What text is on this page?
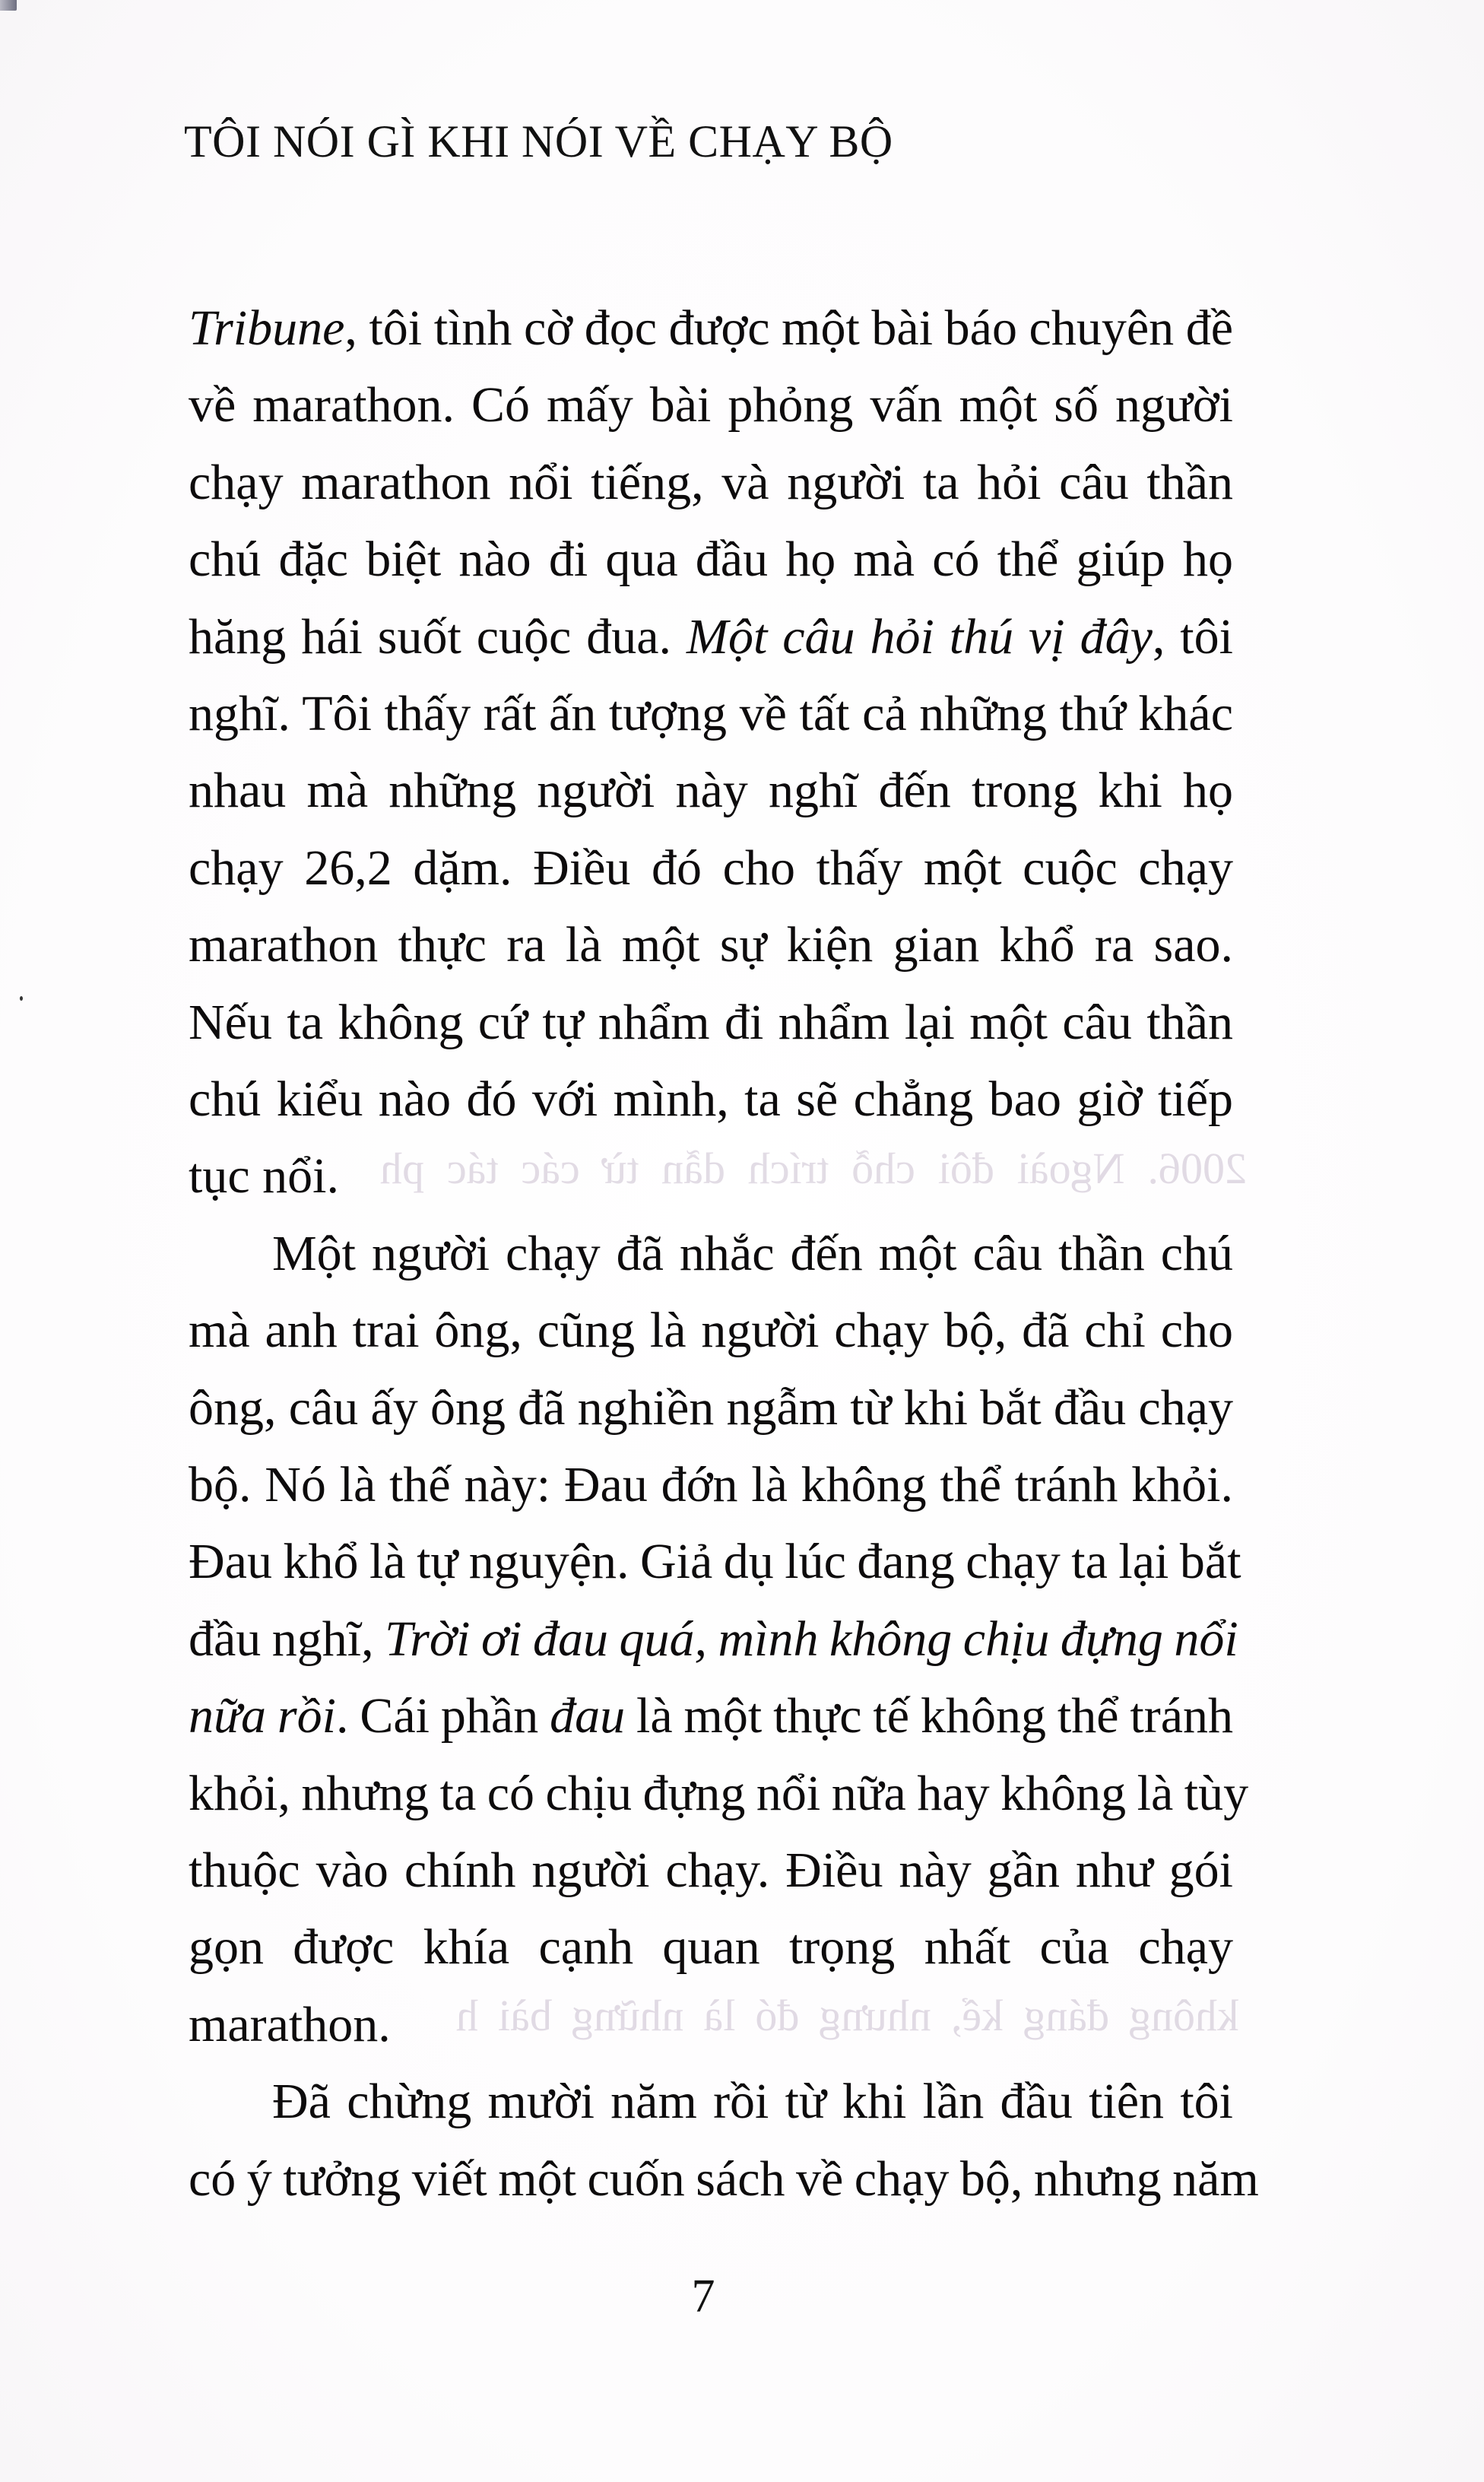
TÔI NÓI GÌ KHI NÓI VỀ CHẠY BỘ
2006. Ngoài đôi chỗ trích dẫn từ các tác ph
không đáng kể, nhưng đó là những bài h
Tribune, tôi tình cờ đọc được một bài báo chuyên đề
về marathon. Có mấy bài phỏng vấn một số người
chạy marathon nổi tiếng, và người ta hỏi câu thần
chú đặc biệt nào đi qua đầu họ mà có thể giúp họ
hăng hái suốt cuộc đua. Một câu hỏi thú vị đây, tôi
nghĩ. Tôi thấy rất ấn tượng về tất cả những thứ khác
nhau mà những người này nghĩ đến trong khi họ
chạy 26,2 dặm. Điều đó cho thấy một cuộc chạy
marathon thực ra là một sự kiện gian khổ ra sao.
Nếu ta không cứ tự nhẩm đi nhẩm lại một câu thần
chú kiểu nào đó với mình, ta sẽ chẳng bao giờ tiếp
tục nổi.
Một người chạy đã nhắc đến một câu thần chú
mà anh trai ông, cũng là người chạy bộ, đã chỉ cho
ông, câu ấy ông đã nghiền ngẫm từ khi bắt đầu chạy
bộ. Nó là thế này: Đau đớn là không thể tránh khỏi.
Đau khổ là tự nguyện. Giả dụ lúc đang chạy ta lại bắt
đầu nghĩ, Trời ơi đau quá, mình không chịu đựng nổi
nữa rồi. Cái phần đau là một thực tế không thể tránh
khỏi, nhưng ta có chịu đựng nổi nữa hay không là tùy
thuộc vào chính người chạy. Điều này gần như gói
gọn được khía cạnh quan trọng nhất của chạy
marathon.
Đã chừng mười năm rồi từ khi lần đầu tiên tôi
có ý tưởng viết một cuốn sách về chạy bộ, nhưng năm
7
